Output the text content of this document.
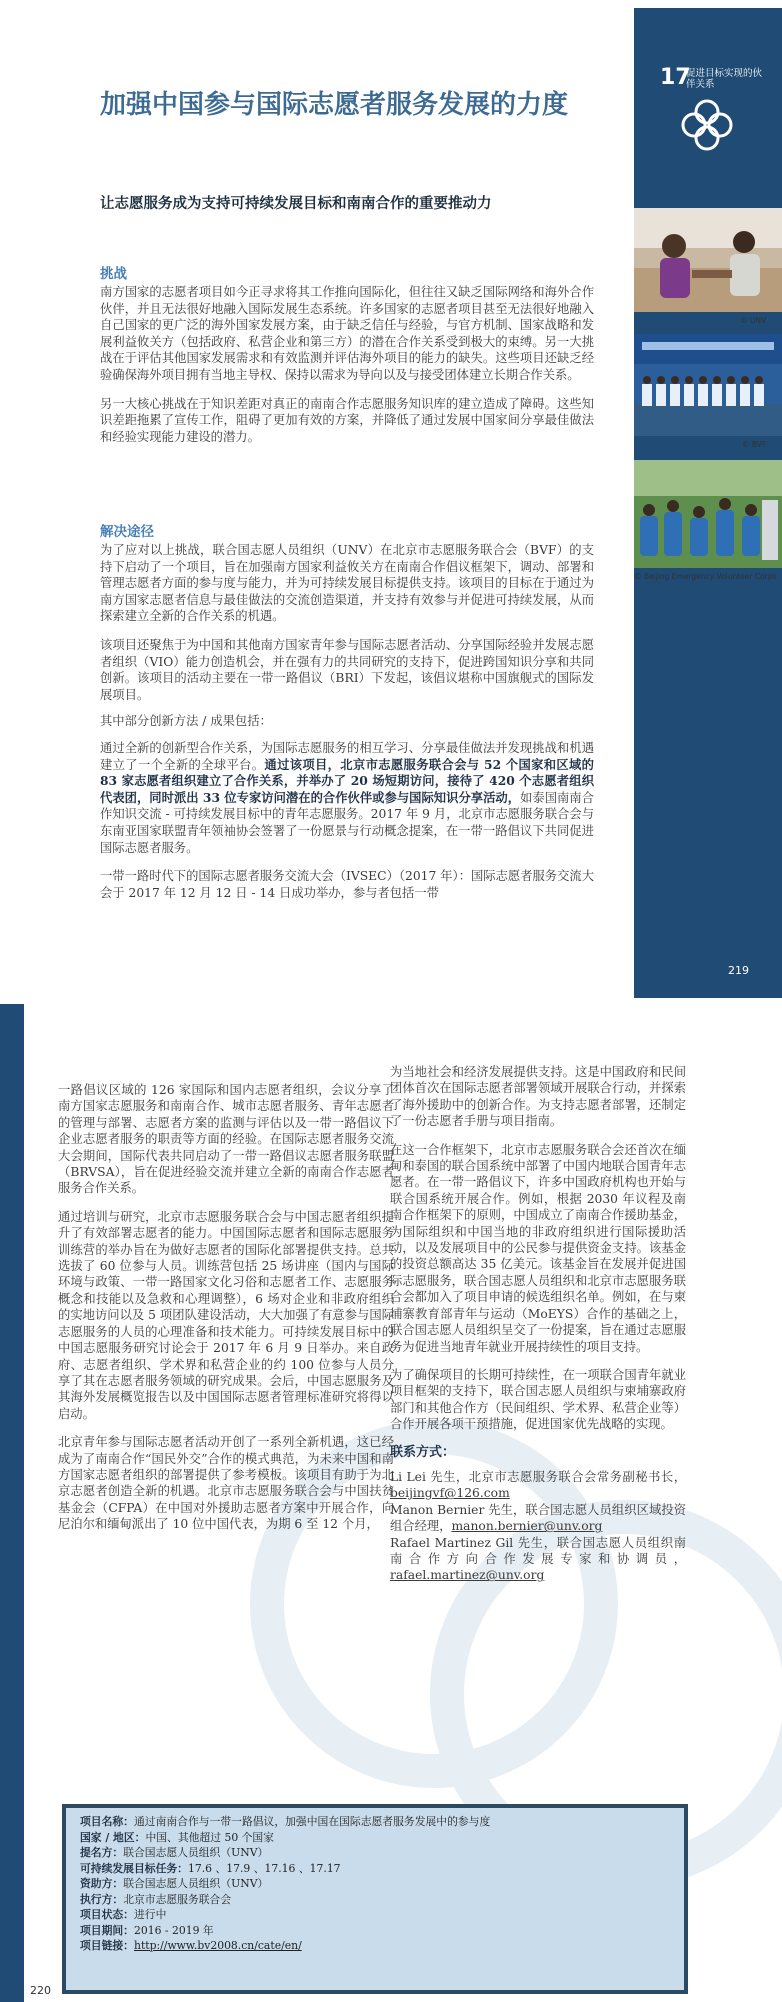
加强中国参与国际志愿者服务发展的力度
让志愿服务成为支持可持续发展目标和南南合作的重要推动力
挑战
南方国家的志愿者项目如今正寻求将其工作推向国际化，但往往又缺乏国际网络和海外合作伙伴，并且无法很好地融入国际发展生态系统。许多国家的志愿者项目甚至无法很好地融入自己国家的更广泛的海外国家发展方案，由于缺乏信任与经验，与官方机制、国家战略和发展利益攸关方（包括政府、私营企业和第三方）的潜在合作关系受到极大的束缚。另一大挑战在于评估其他国家发展需求和有效监测并评估海外项目的能力的缺失。这些项目还缺乏经验确保海外项目拥有当地主导权、保持以需求为导向以及与接受团体建立长期合作关系。
另一大核心挑战在于知识差距对真正的南南合作志愿服务知识库的建立造成了障碍。这些知识差距拖累了宣传工作，阻碍了更加有效的方案，并降低了通过发展中国家间分享最佳做法和经验实现能力建设的潜力。
解决途径
为了应对以上挑战，联合国志愿人员组织（UNV）在北京市志愿服务联合会（BVF）的支持下启动了一个项目，旨在加强南方国家利益攸关方在南南合作倡议框架下，调动、部署和管理志愿者方面的参与度与能力，并为可持续发展目标提供支持。该项目的目标在于通过为南方国家志愿者信息与最佳做法的交流创造渠道，并支持有效参与并促进可持续发展，从而探索建立全新的合作关系的机遇。
该项目还聚焦于为中国和其他南方国家青年参与国际志愿者活动、分享国际经验并发展志愿者组织（VIO）能力创造机会，并在强有力的共同研究的支持下，促进跨国知识分享和共同创新。该项目的活动主要在一带一路倡议（BRI）下发起，该倡议堪称中国旗舰式的国际发展项目。
其中部分创新方法 / 成果包括：
通过全新的创新型合作关系，为国际志愿服务的相互学习、分享最佳做法并发现挑战和机遇建立了一个全新的全球平台。通过该项目，北京市志愿服务联合会与 52 个国家和区域的 83 家志愿者组织建立了合作关系，并举办了 20 场短期访问，接待了 420 个志愿者组织代表团，同时派出 33 位专家访问潜在的合作伙伴或参与国际知识分享活动，如泰国南南合作知识交流 - 可持续发展目标中的青年志愿服务。2017 年 9 月，北京市志愿服务联合会与东南亚国家联盟青年领袖协会签署了一份愿景与行动概念提案，在一带一路倡议下共同促进国际志愿者服务。
一带一路时代下的国际志愿者服务交流大会（IVSEC）（2017 年）：国际志愿者服务交流大会于 2017 年 12 月 12 日 - 14 日成功举办，参与者包括一带
17
促进目标实现的伙伴关系
© UNV
© BVF
© Beijing Emergency Volunteer Corps
219

一路倡议区域的 126 家国际和国内志愿者组织，会议分享了南方国家志愿服务和南南合作、城市志愿者服务、青年志愿者的管理与部署、志愿者方案的监测与评估以及一带一路倡议下企业志愿者服务的职责等方面的经验。在国际志愿者服务交流大会期间，国际代表共同启动了一带一路倡议志愿者服务联盟（BRVSA），旨在促进经验交流并建立全新的南南合作志愿者服务合作关系。

通过培训与研究，北京市志愿服务联合会与中国志愿者组织提升了有效部署志愿者的能力。中国国际志愿者和国际志愿服务训练营的举办旨在为做好志愿者的国际化部署提供支持。总共选拔了 60 位参与人员。训练营包括 25 场讲座（国内与国际环境与政策、一带一路国家文化习俗和志愿者工作、志愿服务概念和技能以及急救和心理调整），6 场对企业和非政府组织的实地访问以及 5 项团队建设活动，大大加强了有意参与国际志愿服务的人员的心理准备和技术能力。可持续发展目标中的中国志愿服务研究讨论会于 2017 年 6 月 9 日举办。来自政府、志愿者组织、学术界和私营企业的约 100 位参与人员分享了其在志愿者服务领域的研究成果。会后，中国志愿服务及其海外发展概览报告以及中国国际志愿者管理标准研究将得以启动。

北京青年参与国际志愿者活动开创了一系列全新机遇，这已经成为了南南合作“国民外交”合作的模式典范，为未来中国和南方国家志愿者组织的部署提供了参考模板。该项目有助于为北京志愿者创造全新的机遇。北京市志愿服务联合会与中国扶贫基金会（CFPA）在中国对外援助志愿者方案中开展合作，向尼泊尔和缅甸派出了 10 位中国代表，为期 6 至 12 个月，

为当地社会和经济发展提供支持。这是中国政府和民间团体首次在国际志愿者部署领域开展联合行动，并探索了海外援助中的创新合作。为支持志愿者部署，还制定了一份志愿者手册与项目指南。

在这一合作框架下，北京市志愿服务联合会还首次在缅甸和泰国的联合国系统中部署了中国内地联合国青年志愿者。在一带一路倡议下，许多中国政府机构也开始与联合国系统开展合作。例如，根据 2030 年议程及南南合作框架下的原则，中国成立了南南合作援助基金，为国际组织和中国当地的非政府组织进行国际援助活动，以及发展项目中的公民参与提供资金支持。该基金的投资总额高达 35 亿美元。该基金旨在发展并促进国际志愿服务，联合国志愿人员组织和北京市志愿服务联合会都加入了项目申请的候选组织名单。例如，在与柬埔寨教育部青年与运动（MoEYS）合作的基础之上，联合国志愿人员组织呈交了一份提案，旨在通过志愿服务为促进当地青年就业开展持续性的项目支持。

为了确保项目的长期可持续性，在一项联合国青年就业项目框架的支持下，联合国志愿人员组织与柬埔寨政府部门和其他合作方（民间组织、学术界、私营企业等）合作开展各项干预措施，促进国家优先战略的实现。

联系方式：
Li Lei 先生，北京市志愿服务联合会常务副秘书长，beijingvf@126.com
Manon Bernier 先生，联合国志愿人员组织区域投资组合经理，manon.bernier@unv.org
Rafael Martinez Gil 先生，联合国志愿人员组织南南合作方向合作发展专家和协调员，rafael.martinez@unv.org
项目名称：通过南南合作与一带一路倡议，加强中国在国际志愿者服务发展中的参与度
国家 / 地区：中国、其他超过 50 个国家
提名方：联合国志愿人员组织（UNV）
可持续发展目标任务：17.6 、17.9 、17.16 、17.17
资助方：联合国志愿人员组织（UNV）
执行方：北京市志愿服务联合会
项目状态：进行中
项目期间：2016 - 2019 年
项目链接：http://www.bv2008.cn/cate/en/
220
